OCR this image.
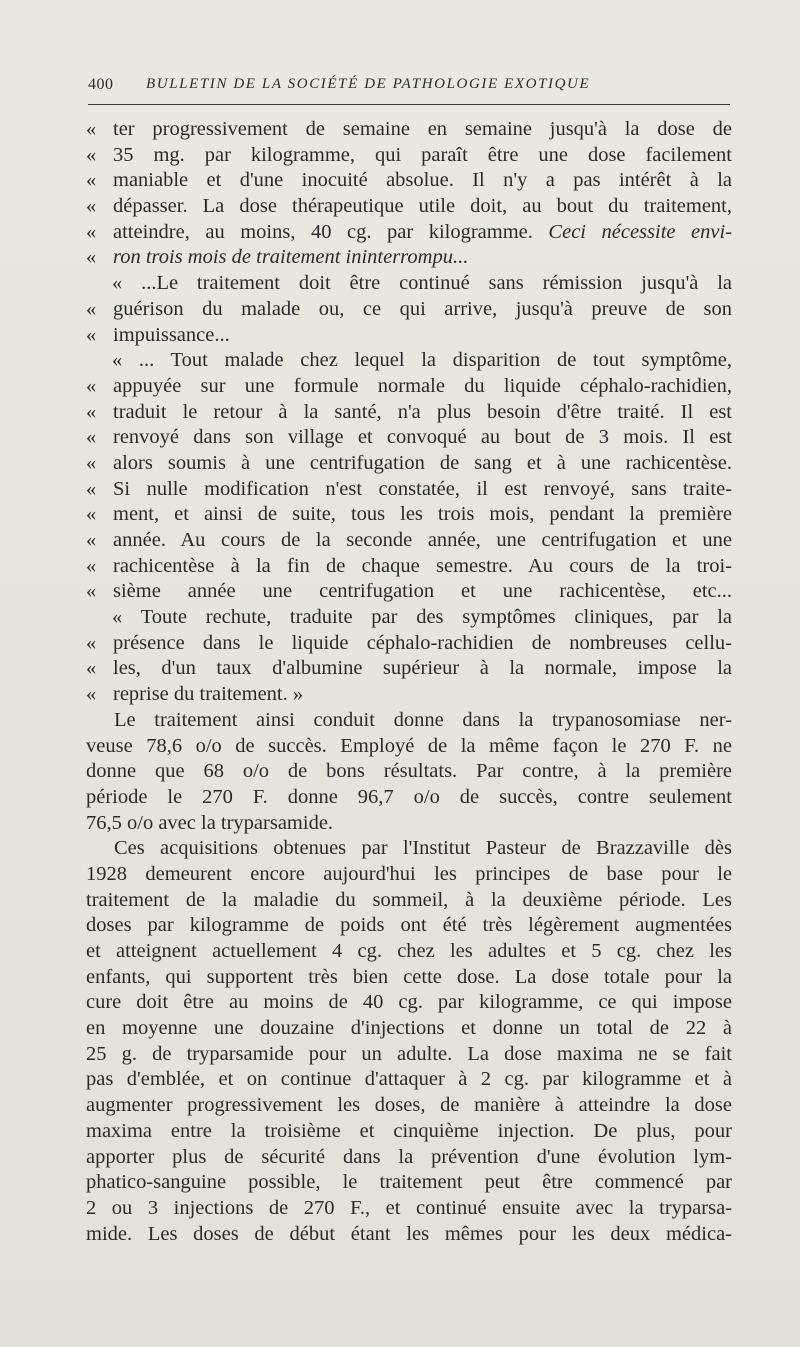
400 BULLETIN DE LA SOCIÉTÉ DE PATHOLOGIE EXOTIQUE
« ter progressivement de semaine en semaine jusqu'à la dose de
« 35 mg. par kilogramme, qui paraît être une dose facilement
« maniable et d'une inocuité absolue. Il n'y a pas intérêt à la
« dépasser. La dose thérapeutique utile doit, au bout du traitement,
« atteindre, au moins, 40 cg. par kilogramme. Ceci nécessite envi-
« ron trois mois de traitement ininterrompu...
« ...Le traitement doit être continué sans rémission jusqu'à la
« guérison du malade ou, ce qui arrive, jusqu'à preuve de son
« impuissance...
« ... Tout malade chez lequel la disparition de tout symptôme,
« appuyée sur une formule normale du liquide céphalo-rachidien,
« traduit le retour à la santé, n'a plus besoin d'être traité. Il est
« renvoyé dans son village et convoqué au bout de 3 mois. Il est
« alors soumis à une centrifugation de sang et à une rachicentèse.
« Si nulle modification n'est constatée, il est renvoyé, sans traite-
« ment, et ainsi de suite, tous les trois mois, pendant la première
« année. Au cours de la seconde année, une centrifugation et une
« rachicentèse à la fin de chaque semestre. Au cours de la troi-
« sième année une centrifugation et une rachicentèse, etc...
« Toute rechute, traduite par des symptômes cliniques, par la
« présence dans le liquide céphalo-rachidien de nombreuses cellu-
« les, d'un taux d'albumine supérieur à la normale, impose la
« reprise du traitement. »
Le traitement ainsi conduit donne dans la trypanosomiase ner-
veuse 78,6 o/o de succès. Employé de la même façon le 270 F. ne
donne que 68 o/o de bons résultats. Par contre, à la première
période le 270 F. donne 96,7 o/o de succès, contre seulement
76,5 o/o avec la tryparsamide.
Ces acquisitions obtenues par l'Institut Pasteur de Brazzaville dès
1928 demeurent encore aujourd'hui les principes de base pour le
traitement de la maladie du sommeil, à la deuxième période. Les
doses par kilogramme de poids ont été très légèrement augmentées
et atteignent actuellement 4 cg. chez les adultes et 5 cg. chez les
enfants, qui supportent très bien cette dose. La dose totale pour la
cure doit être au moins de 40 cg. par kilogramme, ce qui impose
en moyenne une douzaine d'injections et donne un total de 22 à
25 g. de tryparsamide pour un adulte. La dose maxima ne se fait
pas d'emblée, et on continue d'attaquer à 2 cg. par kilogramme et à
augmenter progressivement les doses, de manière à atteindre la dose
maxima entre la troisième et cinquième injection. De plus, pour
apporter plus de sécurité dans la prévention d'une évolution lym-
phatico-sanguine possible, le traitement peut être commencé par
2 ou 3 injections de 270 F., et continué ensuite avec la tryparsa-
mide. Les doses de début étant les mêmes pour les deux médica-
